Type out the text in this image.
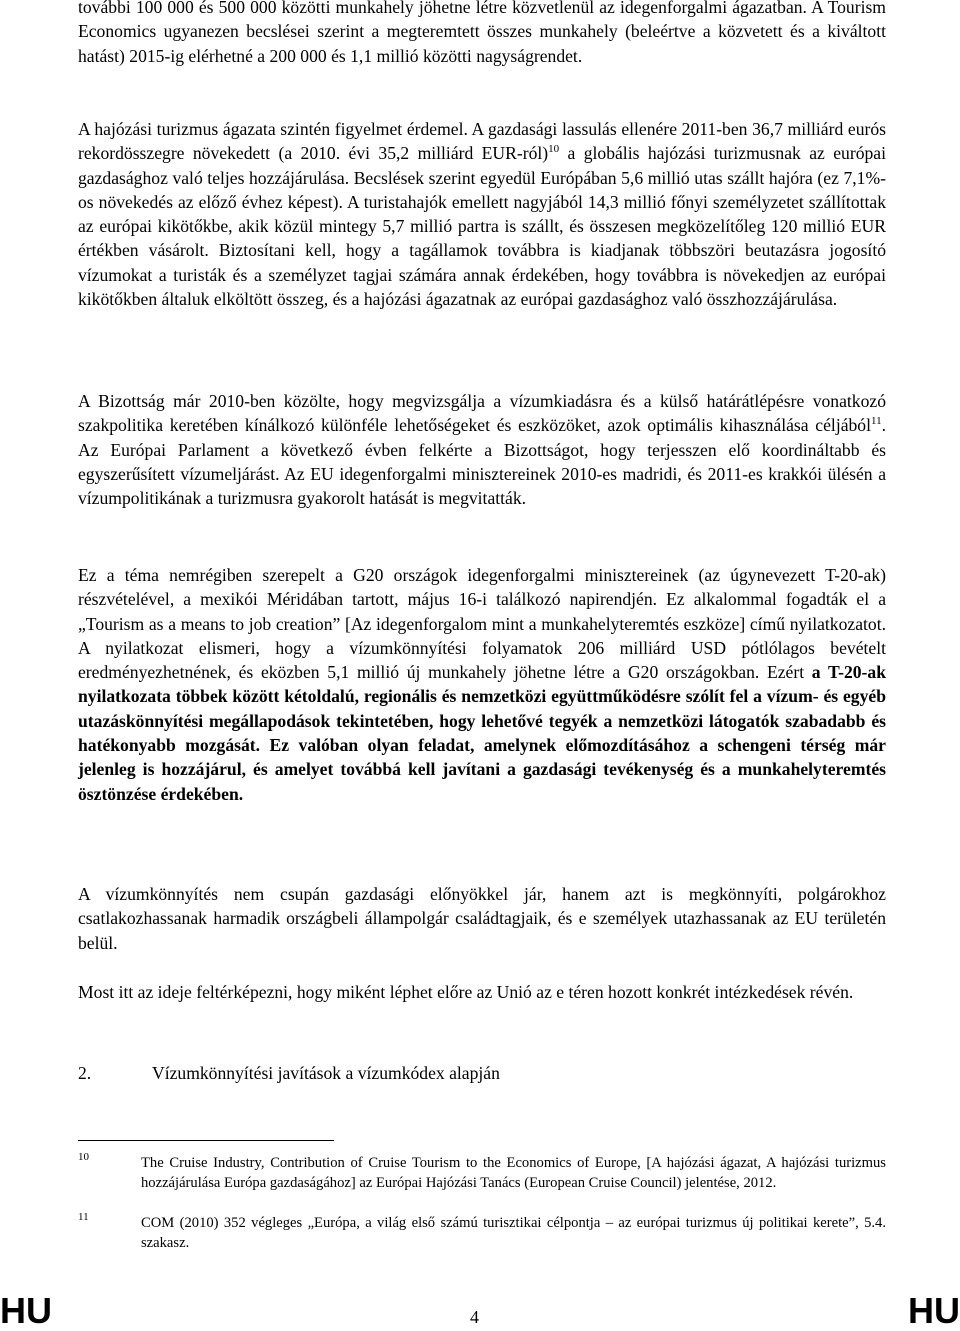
további 100 000 és 500 000 közötti munkahely jöhetne létre közvetlenül az idegenforgalmi ágazatban. A Tourism Economics ugyanezen becslései szerint a megteremtett összes munkahely (beleértve a közvetett és a kiváltott hatást) 2015-ig elérhetné a 200 000 és 1,1 millió közötti nagyságrendet.

A hajózási turizmus ágazata szintén figyelmet érdemel. A gazdasági lassulás ellenére 2011-ben 36,7 milliárd eurós rekordösszegre növekedett (a 2010. évi 35,2 milliárd EUR-ról)$^{10}$ a globális hajózási turizmusnak az európai gazdasághoz való teljes hozzájárulása. Becslések szerint egyedül Európában 5,6 millió utas szállt hajóra (ez 7,1%-os növekedés az előző évhez képest). A turistahajók emellett nagyjából 14,3 millió főnyi személyzetet szállítottak az európai kikötőkbe, akik közül mintegy 5,7 millió partra is szállt, és összesen megközelítőleg 120 millió EUR értékben vásárolt. Biztosítani kell, hogy a tagállamok továbbra is kiadjanak többszöri beutazásra jogosító vízumokat a turisták és a személyzet tagjai számára annak érdekében, hogy továbbra is növekedjen az európai kikötőkben általuk elköltött összeg, és a hajózási ágazatnak az európai gazdasághoz való összhozzájárulása.

A Bizottság már 2010-ben közölte, hogy megvizsgálja a vízumkiadásra és a külső határátlépésre vonatkozó szakpolitika keretében kínálkozó különféle lehetőségeket és eszközöket, azok optimális kihasználása céljából$^{11}$. Az Európai Parlament a következő évben felkérte a Bizottságot, hogy terjesszen elő koordináltabb és egyszerűsített vízumeljárást. Az EU idegenforgalmi minisztereinek 2010-es madridi, és 2011-es krakkói ülésén a vízumpolitikának a turizmusra gyakorolt hatását is megvitatták.

Ez a téma nemrégiben szerepelt a G20 országok idegenforgalmi minisztereinek (az úgynevezett T-20-ak) részvételével, a mexikói Méridában tartott, május 16-i találkozó napirendjén. Ez alkalommal fogadták el a „Tourism as a means to job creation” [Az idegenforgalom mint a munkahelyteremtés eszköze] című nyilatkozatot. A nyilatkozat elismeri, hogy a vízumkönnyítési folyamatok 206 milliárd USD pótlólagos bevételt eredményezhetnének, és eközben 5,1 millió új munkahely jöhetne létre a G20 országokban. Ezért a T-20-ak nyilatkozata többek között kétoldalú, regionális és nemzetközi együttműködésre szólít fel a vízum- és egyéb utazáskönnyítési megállapodások tekintetében, hogy lehetővé tegyék a nemzetközi látogatók szabadabb és hatékonyabb mozgását. Ez valóban olyan feladat, amelynek előmozdításához a schengeni térség már jelenleg is hozzájárul, és amelyet továbbá kell javítani a gazdasági tevékenység és a munkahelyteremtés ösztönzése érdekében.

A vízumkönnyítés nem csupán gazdasági előnyökkel jár, hanem azt is megkönnyíti, polgárokhoz csatlakozhassanak harmadik országbeli állampolgár családtagjaik, és e személyek utazhassanak az EU területén belül.

Most itt az ideje feltérképezni, hogy miként léphet előre az Unió az e téren hozott konkrét intézkedések révén.

2.	Vízumkönnyítési javítások a vízumkódex alapján
10	The Cruise Industry, Contribution of Cruise Tourism to the Economics of Europe, [A hajózási ágazat, A hajózási turizmus hozzájárulása Európa gazdaságához] az Európai Hajózási Tanács (European Cruise Council) jelentése, 2012.
11	COM (2010) 352 végleges „Európa, a világ első számú turisztikai célpontja – az európai turizmus új politikai kerete”, 5.4. szakasz.
HU	4	HU
